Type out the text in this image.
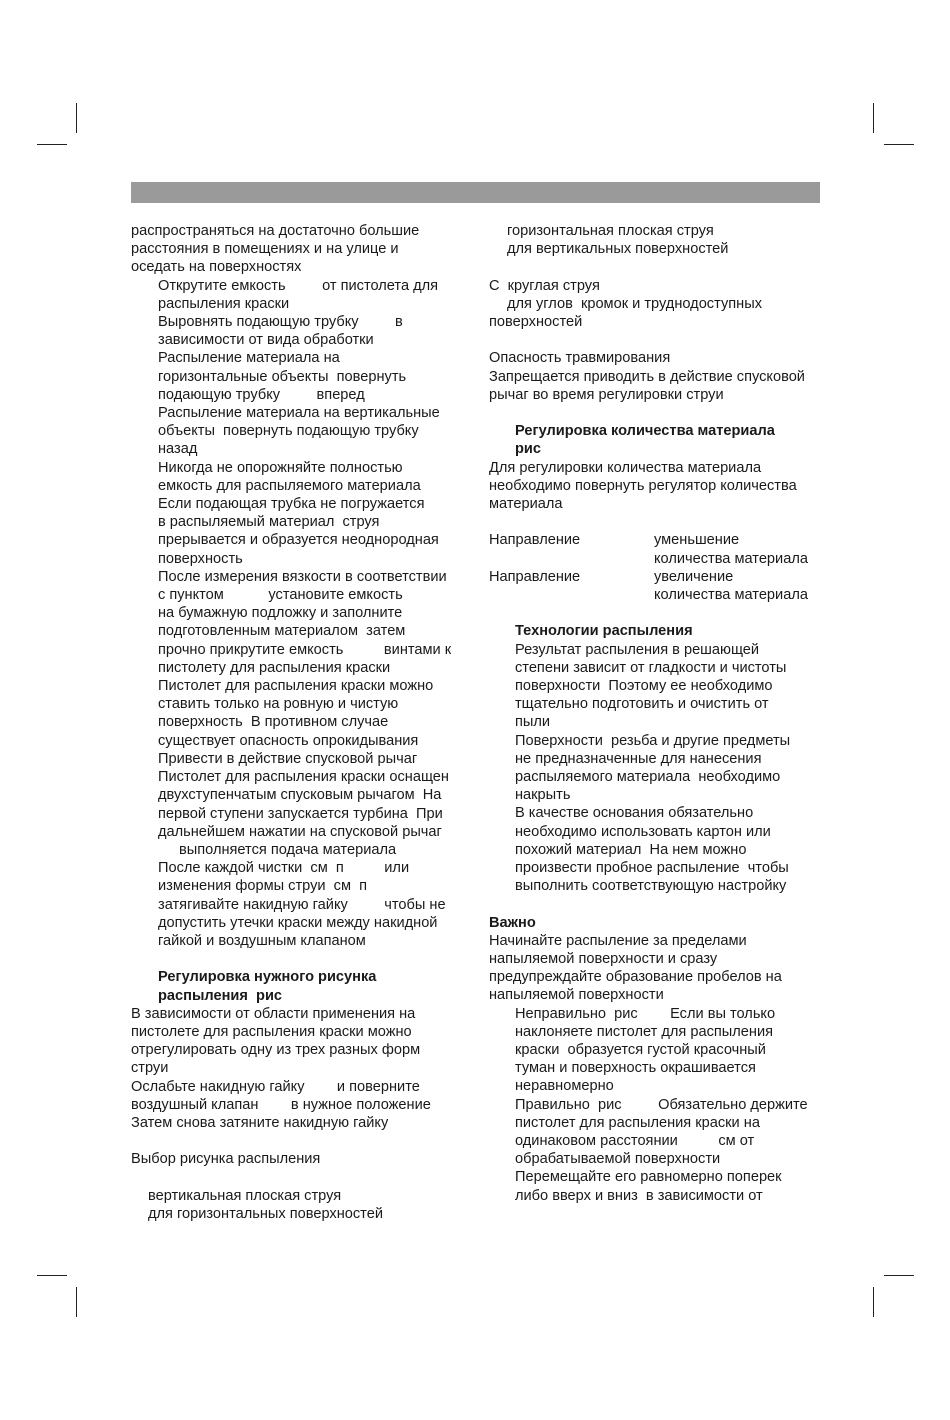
распространяться на достаточно большие

расстояния в помещениях и на улице и

оседать на поверхностях

Открутите емкость         от пистолета для

распыления краски

Выровнять подающую трубку         в

зависимости от вида обработки

Распыление материала на

горизонтальные объекты  повернуть

подающую трубку         вперед

Распыление материала на вертикальные

объекты  повернуть подающую трубку

назад

Никогда не опорожняйте полностью

емкость для распыляемого материала

Если подающая трубка не погружается

в распыляемый материал  струя

прерывается и образуется неоднородная

поверхность

После измерения вязкости в соответствии

с пунктом           установите емкость

на бумажную подложку и заполните

подготовленным материалом  затем

прочно прикрутите емкость          винтами к

пистолету для распыления краски

Пистолет для распыления краски можно

ставить только на ровную и чистую

поверхность  В противном случае

существует опасность опрокидывания

Привести в действие спусковой рычаг

Пистолет для распыления краски оснащен

двухступенчатым спусковым рычагом  На

первой ступени запускается турбина  При

дальнейшем нажатии на спусковой рычаг

выполняется подача материала

После каждой чистки  см  п          или

изменения формы струи  см  п

затягивайте накидную гайку         чтобы не

допустить утечки краски между накидной

гайкой и воздушным клапаном

Регулировка нужного рисунка

распыления  рис

В зависимости от области применения на

пистолете для распыления краски можно

отрегулировать одну из трех разных форм

струи

Ослабьте накидную гайку        и поверните

воздушный клапан        в нужное положение

Затем снова затяните накидную гайку

Выбор рисунка распыления

вертикальная плоская струя

для горизонтальных поверхностей

горизонтальная плоская струя

для вертикальных поверхностей

С  круглая струя

для углов  кромок и труднодоступных

поверхностей

Опасность травмирования

Запрещается приводить в действие спусковой

рычаг во время регулировки струи

Регулировка количества материала

рис

Для регулировки количества материала

необходимо повернуть регулятор количества

материала

Направление	уменьшение
количества материала
Направление	увеличение
количества материала

Технологии распыления

Результат распыления в решающей

степени зависит от гладкости и чистоты

поверхности  Поэтому ее необходимо

тщательно подготовить и очистить от

пыли

Поверхности  резьба и другие предметы

не предназначенные для нанесения

распыляемого материала  необходимо

накрыть

В качестве основания обязательно

необходимо использовать картон или

похожий материал  На нем можно

произвести пробное распыление  чтобы

выполнить соответствующую настройку

Важно

Начинайте распыление за пределами

напыляемой поверхности и сразу

предупреждайте образование пробелов на

напыляемой поверхности

Неправильно  рис        Если вы только

наклоняете пистолет для распыления

краски  образуется густой красочный

туман и поверхность окрашивается

неравномерно

Правильно  рис         Обязательно держите

пистолет для распыления краски на

одинаковом расстоянии          см от

обрабатываемой поверхности

Перемещайте его равномерно поперек

либо вверх и вниз  в зависимости от
